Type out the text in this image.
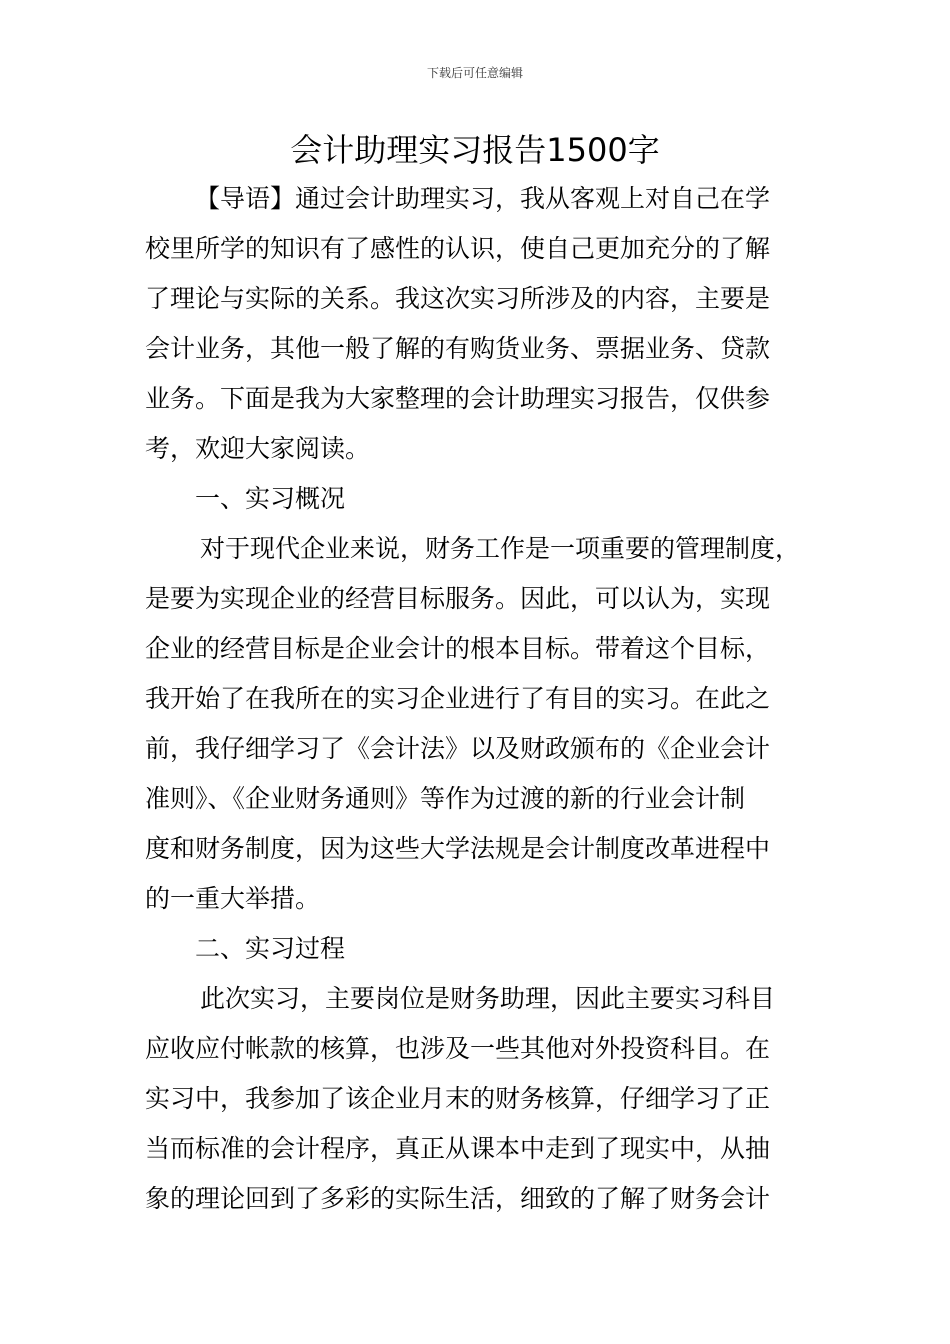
下载后可任意编辑
会计助理实习报告1500字
【导语】通过会计助理实习，我从客观上对自己在学
校里所学的知识有了感性的认识，使自己更加充分的了解
了理论与实际的关系。我这次实习所涉及的内容，主要是
会计业务，其他一般了解的有购货业务、票据业务、贷款
业务。下面是我为大家整理的会计助理实习报告，仅供参
考，欢迎大家阅读。
一、实习概况
对于现代企业来说，财务工作是一项重要的管理制度，
是要为实现企业的经营目标服务。因此，可以认为，实现
企业的经营目标是企业会计的根本目标。带着这个目标，
我开始了在我所在的实习企业进行了有目的实习。在此之
前，我仔细学习了《会计法》以及财政颁布的《企业会计
准则》、《企业财务通则》等作为过渡的新的行业会计制
度和财务制度，因为这些大学法规是会计制度改革进程中
的一重大举措。
二、实习过程
此次实习，主要岗位是财务助理，因此主要实习科目
应收应付帐款的核算，也涉及一些其他对外投资科目。在
实习中，我参加了该企业月末的财务核算，仔细学习了正
当而标准的会计程序，真正从课本中走到了现实中，从抽
象的理论回到了多彩的实际生活，细致的了解了财务会计
